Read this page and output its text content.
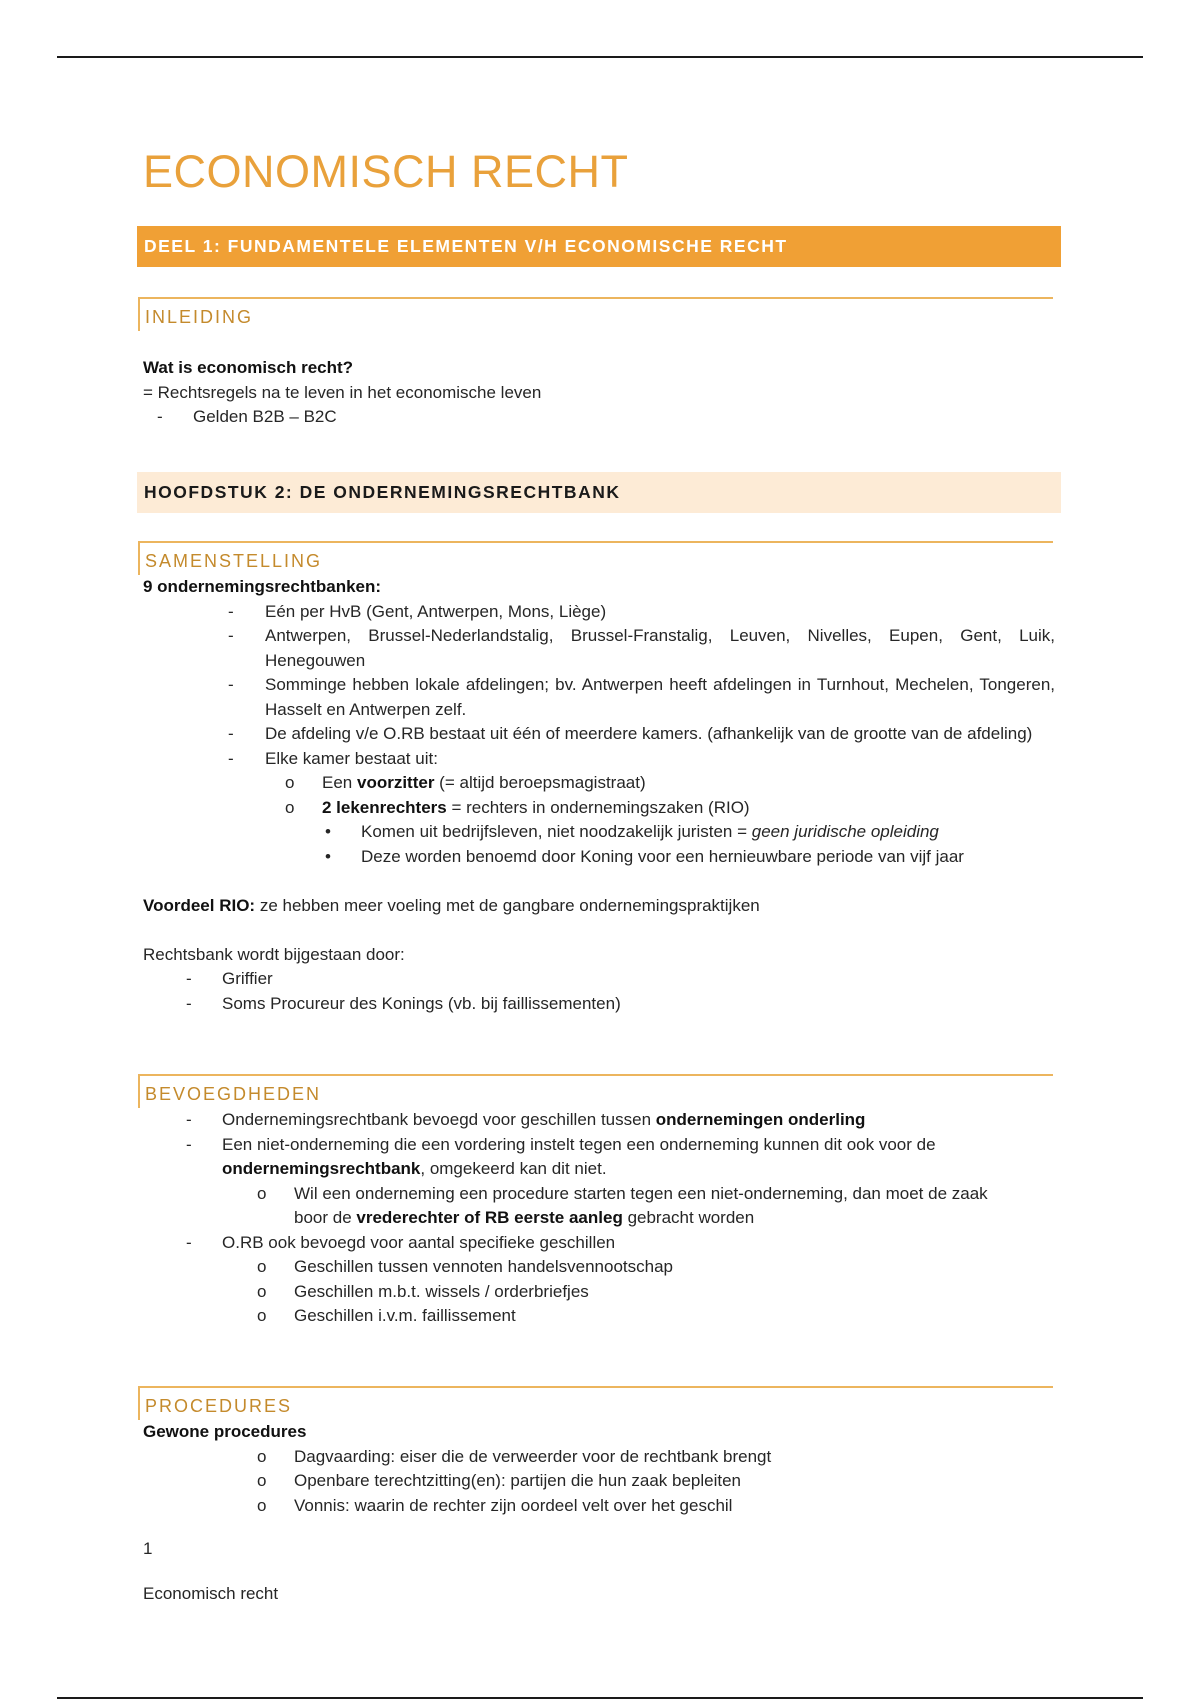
ECONOMISCH RECHT
DEEL 1: FUNDAMENTELE ELEMENTEN V/H ECONOMISCHE RECHT
INLEIDING
Wat is economisch recht?
= Rechtsregels na te leven in het economische leven
- Gelden B2B – B2C
HOOFDSTUK 2: DE ONDERNEMINGSRECHTBANK
SAMENSTELLING
9 ondernemingsrechtbanken:
- Eén per HvB (Gent, Antwerpen, Mons, Liège)
- Antwerpen, Brussel-Nederlandstalig, Brussel-Franstalig, Leuven, Nivelles, Eupen, Gent, Luik, Henegouwen
- Somminge hebben lokale afdelingen; bv. Antwerpen heeft afdelingen in Turnhout, Mechelen, Tongeren, Hasselt en Antwerpen zelf.
- De afdeling v/e O.RB bestaat uit één of meerdere kamers. (afhankelijk van de grootte van de afdeling)
- Elke kamer bestaat uit:
o Een voorzitter (= altijd beroepsmagistraat)
o 2 lekenrechters = rechters in ondernemingszaken (RIO)
• Komen uit bedrijfsleven, niet noodzakelijk juristen = geen juridische opleiding
• Deze worden benoemd door Koning voor een hernieuwbare periode van vijf jaar
Voordeel RIO: ze hebben meer voeling met de gangbare ondernemingspraktijken
Rechtsbank wordt bijgestaan door:
- Griffier
- Soms Procureur des Konings (vb. bij faillissementen)
BEVOEGDHEDEN
- Ondernemingsrechtbank bevoegd voor geschillen tussen ondernemingen onderling
- Een niet-onderneming die een vordering instelt tegen een onderneming kunnen dit ook voor de
ondernemingsrechtbank, omgekeerd kan dit niet.
o Wil een onderneming een procedure starten tegen een niet-onderneming, dan moet de zaak
boor de vrederechter of RB eerste aanleg gebracht worden
- O.RB ook bevoegd voor aantal specifieke geschillen
o Geschillen tussen vennoten handelsvennootschap
o Geschillen m.b.t. wissels / orderbriefjes
o Geschillen i.v.m. faillissement
PROCEDURES
Gewone procedures
o Dagvaarding: eiser die de verweerder voor de rechtbank brengt
o Openbare terechtzitting(en): partijen die hun zaak bepleiten
o Vonnis: waarin de rechter zijn oordeel velt over het geschil
1
Economisch recht
